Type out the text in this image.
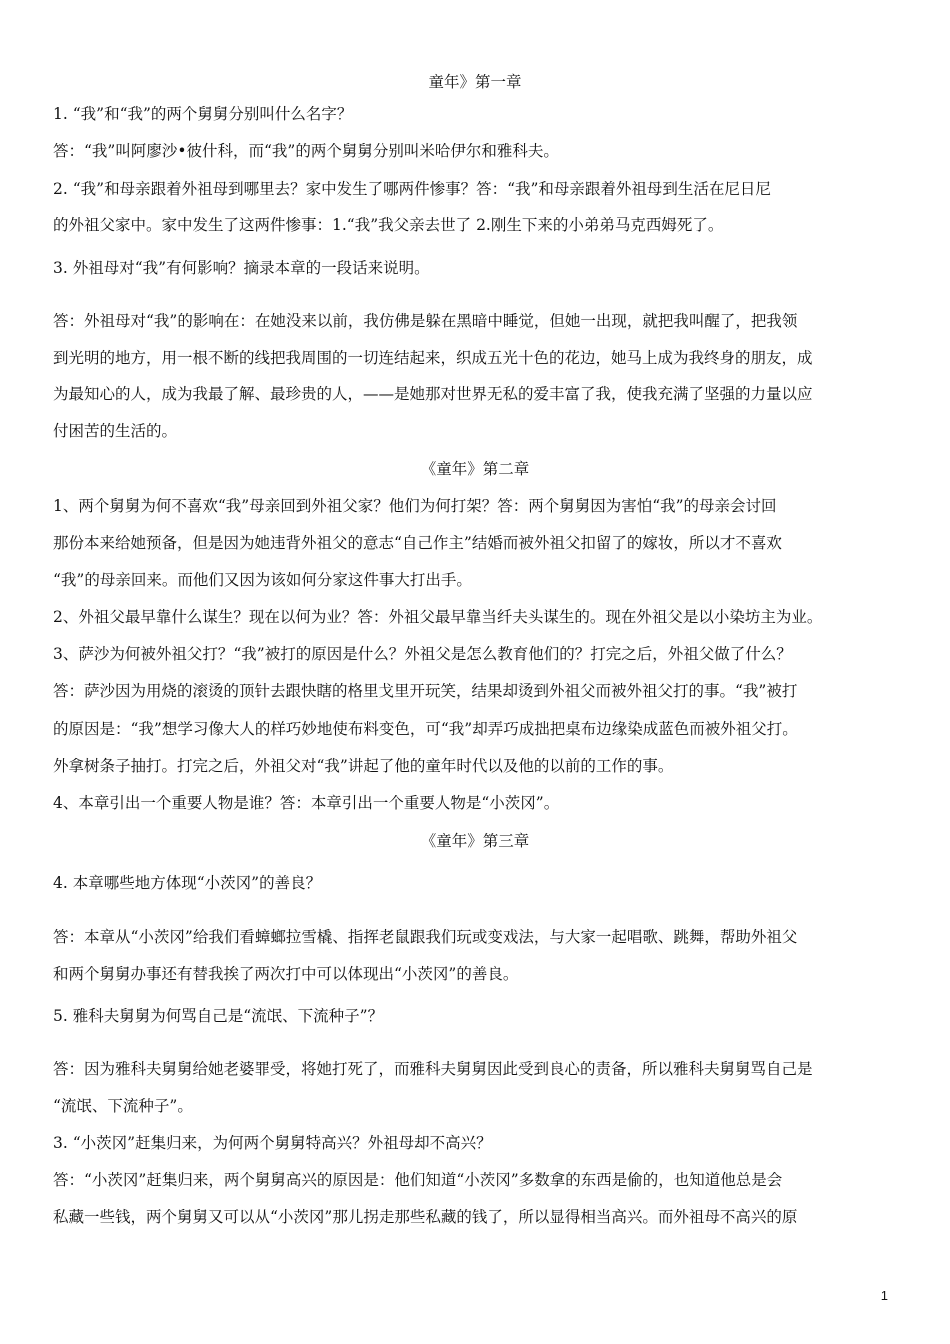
童年》第一章
1. “我”和“我”的两个舅舅分别叫什么名字？
答：“我”叫阿廖沙•彼什科，而“我”的两个舅舅分别叫米哈伊尔和雅科夫。
2. “我”和母亲跟着外祖母到哪里去？家中发生了哪两件惨事？答：“我”和母亲跟着外祖母到生活在尼日尼
的外祖父家中。家中发生了这两件惨事：1.“我”我父亲去世了 2.刚生下来的小弟弟马克西姆死了。
3. 外祖母对“我”有何影响？摘录本章的一段话来说明。
答：外祖母对“我”的影响在：在她没来以前，我仿佛是躲在黑暗中睡觉，但她一出现，就把我叫醒了，把我领
到光明的地方，用一根不断的线把我周围的一切连结起来，织成五光十色的花边，她马上成为我终身的朋友，成
为最知心的人，成为我最了解、最珍贵的人，——是她那对世界无私的爱丰富了我，使我充满了坚强的力量以应
付困苦的生活的。
《童年》第二章
1、两个舅舅为何不喜欢“我”母亲回到外祖父家？他们为何打架？答：两个舅舅因为害怕“我”的母亲会讨回
那份本来给她预备，但是因为她违背外祖父的意志“自己作主”结婚而被外祖父扣留了的嫁妆，所以才不喜欢
“我”的母亲回来。而他们又因为该如何分家这件事大打出手。
2、外祖父最早靠什么谋生？现在以何为业？答：外祖父最早靠当纤夫头谋生的。现在外祖父是以小染坊主为业。
3、萨沙为何被外祖父打？“我”被打的原因是什么？外祖父是怎么教育他们的？打完之后，外祖父做了什么？
答：萨沙因为用烧的滚烫的顶针去跟快瞎的格里戈里开玩笑，结果却烫到外祖父而被外祖父打的事。“我”被打
的原因是：“我”想学习像大人的样巧妙地使布料变色，可“我”却弄巧成拙把桌布边缘染成蓝色而被外祖父打。
外拿树条子抽打。打完之后，外祖父对“我”讲起了他的童年时代以及他的以前的工作的事。
4、本章引出一个重要人物是谁？答：本章引出一个重要人物是“小茨冈”。
《童年》第三章
4. 本章哪些地方体现“小茨冈”的善良？
答：本章从“小茨冈”给我们看蟑螂拉雪橇、指挥老鼠跟我们玩或变戏法，与大家一起唱歌、跳舞，帮助外祖父
和两个舅舅办事还有替我挨了两次打中可以体现出“小茨冈”的善良。
5. 雅科夫舅舅为何骂自己是“流氓、下流种子”？
答：因为雅科夫舅舅给她老婆罪受，将她打死了，而雅科夫舅舅因此受到良心的责备，所以雅科夫舅舅骂自己是
“流氓、下流种子”。
3. “小茨冈”赶集归来，为何两个舅舅特高兴？外祖母却不高兴？
答：“小茨冈”赶集归来，两个舅舅高兴的原因是：他们知道“小茨冈”多数拿的东西是偷的，也知道他总是会
私藏一些钱，两个舅舅又可以从“小茨冈”那儿拐走那些私藏的钱了，所以显得相当高兴。而外祖母不高兴的原
1
